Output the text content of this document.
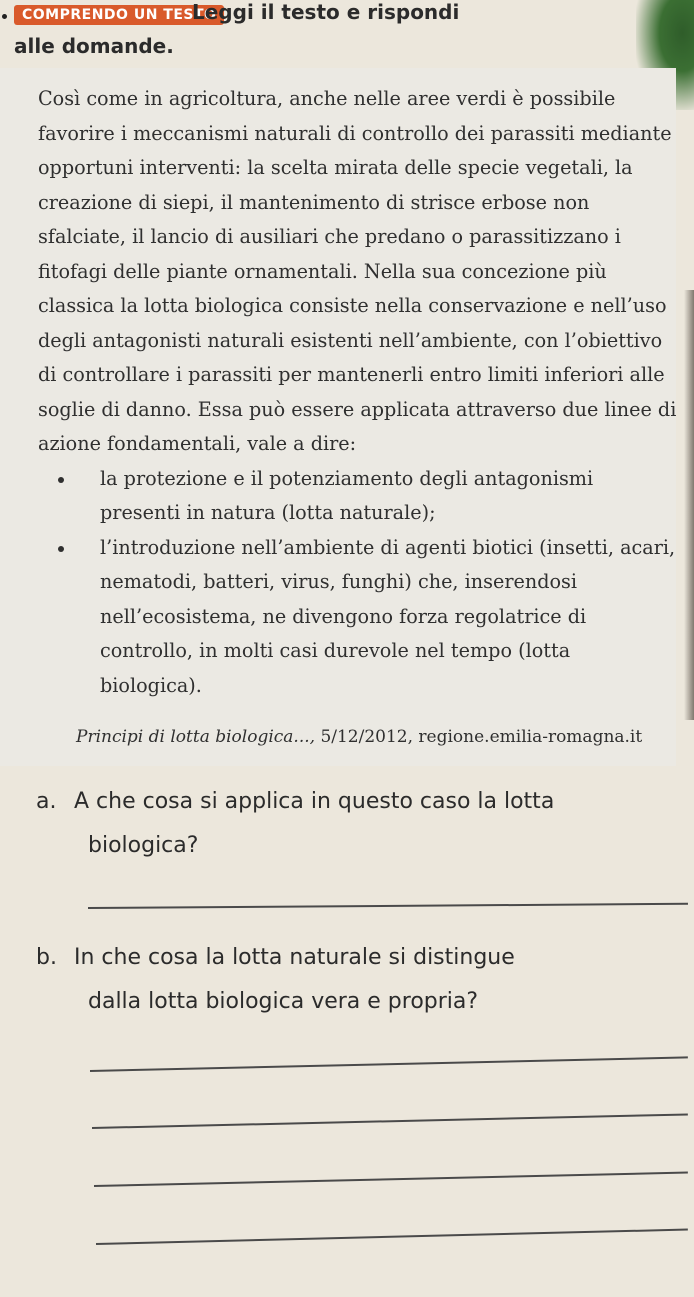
COMPRENDO UN TESTO
Leggi il testo e rispondi
alle domande.

Così come in agricoltura, anche nelle aree verdi è possibile favorire i meccanismi naturali di controllo dei parassiti mediante opportuni interventi: la scelta mirata delle specie vegetali, la creazione di siepi, il mantenimento di strisce erbose non sfalciate, il lancio di ausiliari che predano o parassitizzano i fitofagi delle piante ornamentali. Nella sua concezione più classica la lotta biologica consiste nella conservazione e nell’uso degli antagonisti naturali esistenti nell’ambiente, con l’obiettivo di controllare i parassiti per mantenerli entro limiti inferiori alle soglie di danno. Essa può essere applicata attraverso due linee di azione fondamentali, vale a dire:

la protezione e il potenziamento degli antagonismi presenti in natura (lotta naturale);
l’introduzione nell’ambiente di agenti biotici (insetti, acari, nematodi, batteri, virus, funghi) che, inserendosi nell’ecosistema, ne divengono forza regolatrice di controllo, in molti casi durevole nel tempo (lotta biologica).
Principi di lotta biologica..., 5/12/2012, regione.emilia-romagna.it
a. A che cosa si applica in questo caso la lotta
biologica?
b. In che cosa la lotta naturale si distingue
dalla lotta biologica vera e propria?
